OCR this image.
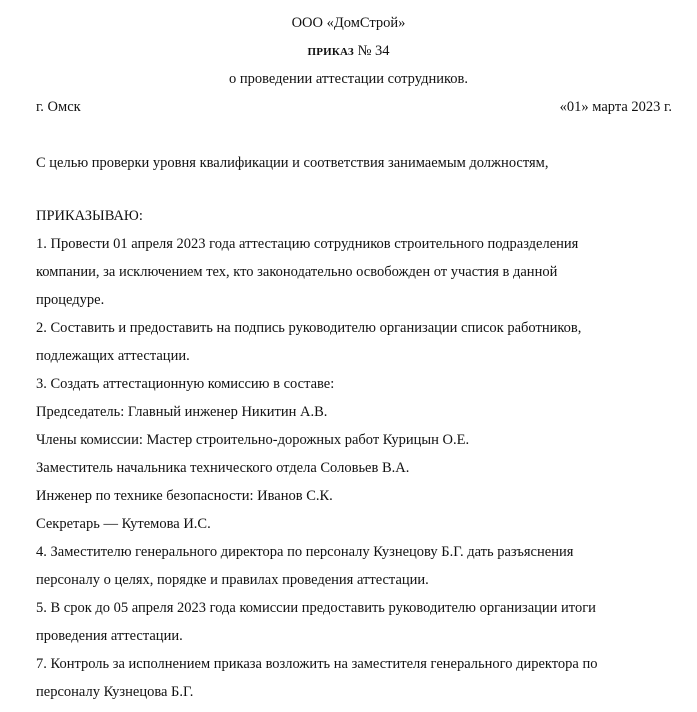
ООО «ДомСтрой»
ПРИКАЗ № 34
о проведении аттестации сотрудников.
г. Омск	«01» марта 2023 г.
С целью проверки уровня квалификации и соответствия занимаемым должностям,
ПРИКАЗЫВАЮ:
1. Провести 01 апреля 2023 года аттестацию сотрудников строительного подразделения
компании, за исключением тех, кто законодательно освобожден от участия в данной
процедуре.
2. Составить и предоставить на подпись руководителю организации список работников,
подлежащих аттестации.
3. Создать аттестационную комиссию в составе:
Председатель: Главный инженер Никитин А.В.
Члены комиссии: Мастер строительно-дорожных работ Курицын О.Е.
Заместитель начальника технического отдела Соловьев В.А.
Инженер по технике безопасности: Иванов С.К.
Секретарь — Кутемова И.С.
4. Заместителю генерального директора по персоналу Кузнецову Б.Г. дать разъяснения
персоналу о целях, порядке и правилах проведения аттестации.
5. В срок до 05 апреля 2023 года комиссии предоставить руководителю организации итоги
проведения аттестации.
7. Контроль за исполнением приказа возложить на заместителя генерального директора по
персоналу Кузнецова Б.Г.
